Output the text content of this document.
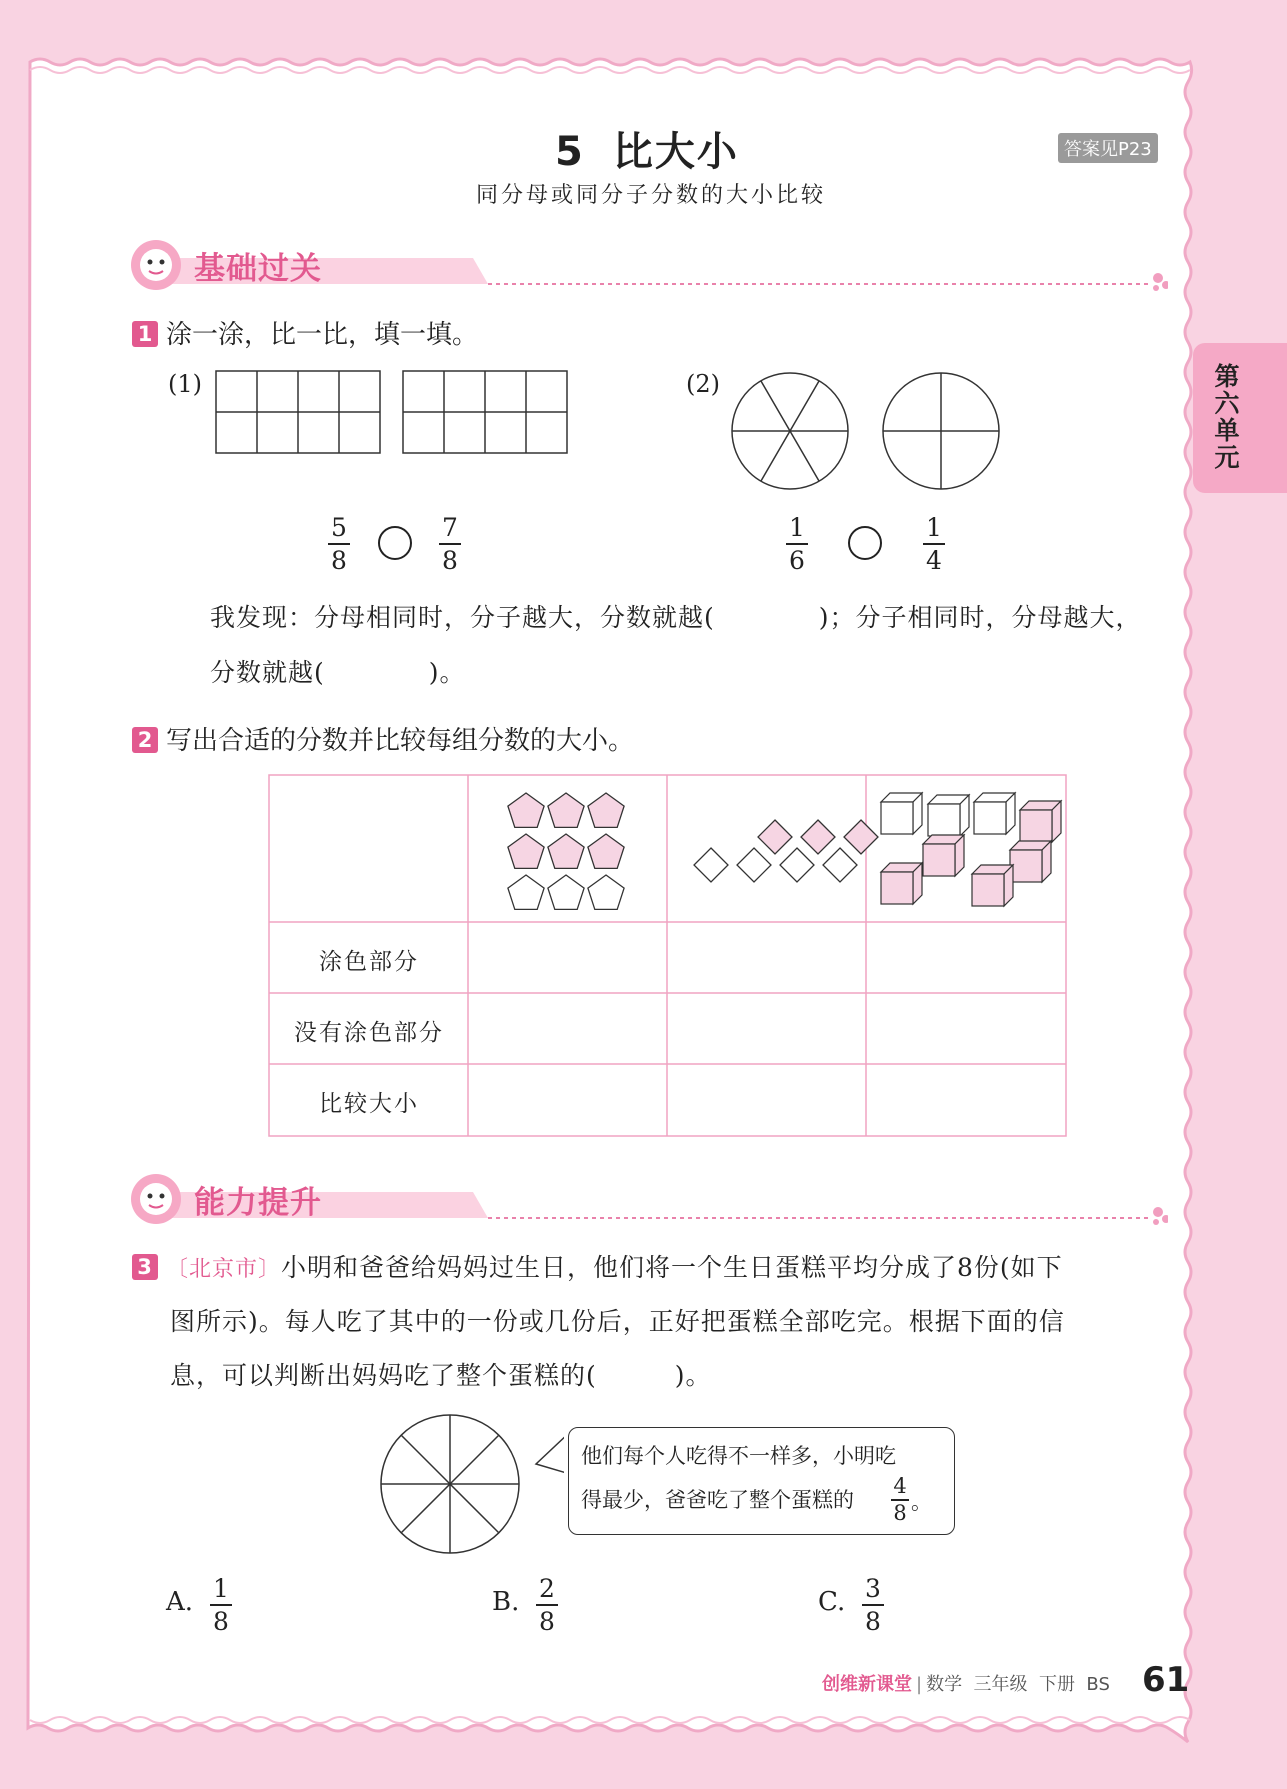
第
六
单
元
5 比大小
同分母或同分子分数的大小比较
答案见P23
基础过关
1 涂一涂，比一比，填一填。
(1)	(2)
5
8
7
8
1
6
1
4
我发现：分母相同时，分子越大，分数就越(　　　　)；分子相同时，分母越大，
分数就越(　　　　)。
2 写出合适的分数并比较每组分数的大小。
涂色部分
没有涂色部分
比较大小
能力提升
3 〔北京市〕小明和爸爸给妈妈过生日，他们将一个生日蛋糕平均分成了8份(如下
图所示)。每人吃了其中的一份或几份后，正好把蛋糕全部吃完。根据下面的信
息，可以判断出妈妈吃了整个蛋糕的(　　　)。
他们每个人吃得不一样多，小明吃
得最少，爸爸吃了整个蛋糕的
4
8 。
A. 1
8
B. 2
8
C. 3
8
创维新课堂 | 数学  三年级  下册  BS 61
